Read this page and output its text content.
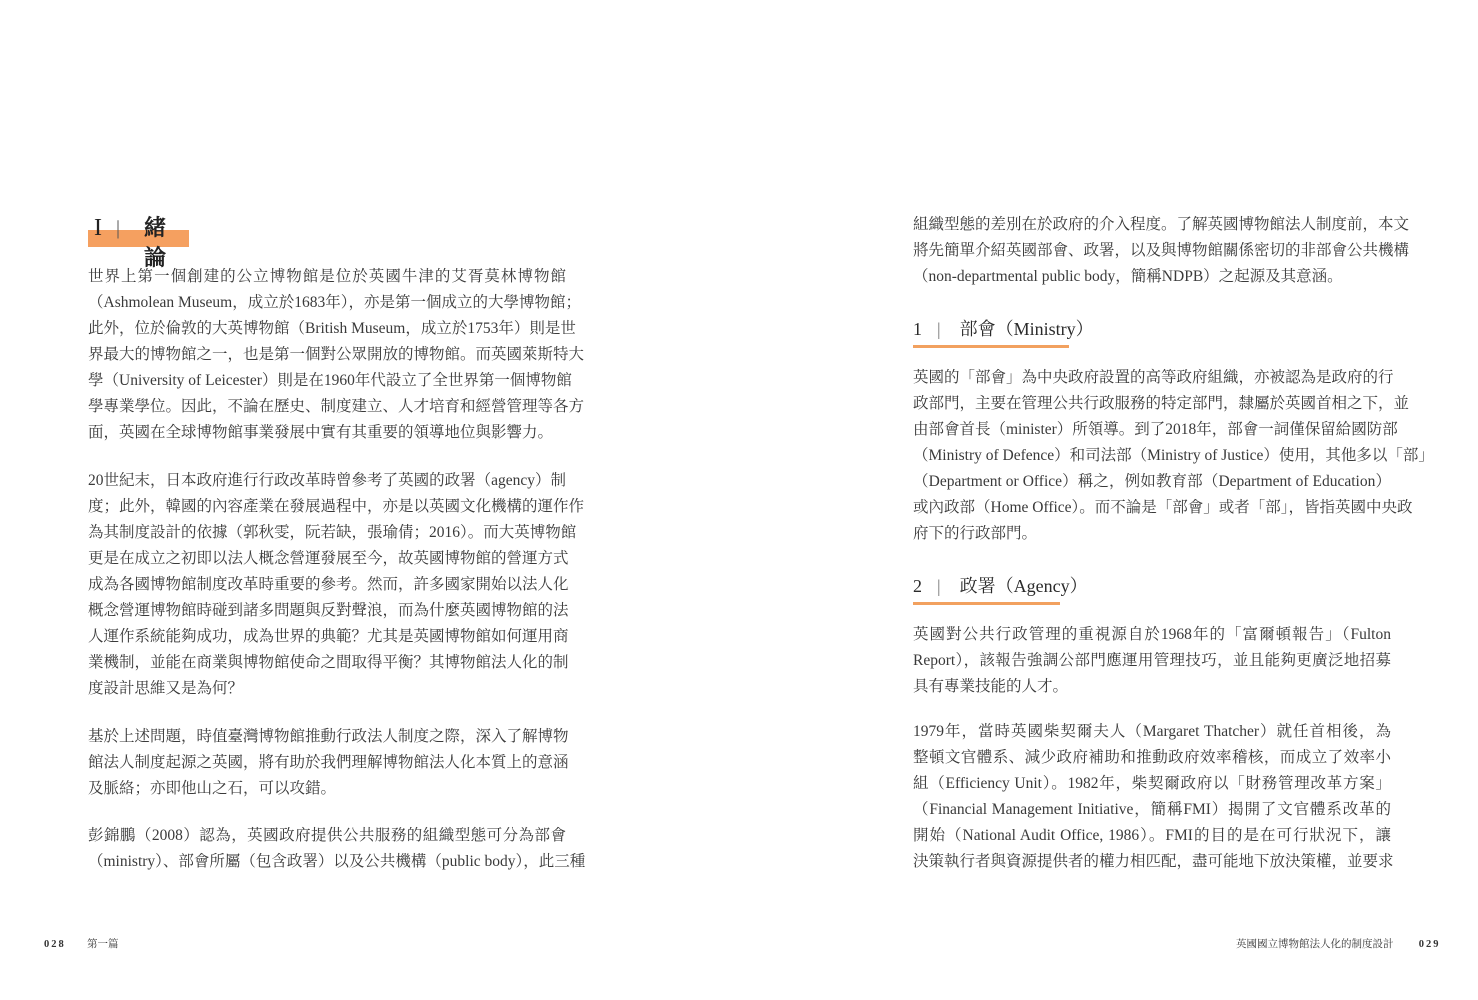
I | 緒論
世界上第一個創建的公立博物館是位於英國牛津的艾胥莫林博物館
（Ashmolean Museum，成立於1683年），亦是第一個成立的大學博物館；
此外，位於倫敦的大英博物館（British Museum，成立於1753年）則是世
界最大的博物館之一，也是第一個對公眾開放的博物館。而英國萊斯特大
學（University of Leicester）則是在1960年代設立了全世界第一個博物館
學專業學位。因此，不論在歷史、制度建立、人才培育和經營管理等各方
面，英國在全球博物館事業發展中實有其重要的領導地位與影響力。
20世紀末，日本政府進行行政改革時曾參考了英國的政署（agency）制
度；此外，韓國的內容產業在發展過程中，亦是以英國文化機構的運作作
為其制度設計的依據（郭秋雯，阮若缺，張瑜倩；2016）。而大英博物館
更是在成立之初即以法人概念營運發展至今，故英國博物館的營運方式
成為各國博物館制度改革時重要的參考。然而，許多國家開始以法人化
概念營運博物館時碰到諸多問題與反對聲浪，而為什麼英國博物館的法
人運作系統能夠成功，成為世界的典範？尤其是英國博物館如何運用商
業機制，並能在商業與博物館使命之間取得平衡？其博物館法人化的制
度設計思維又是為何？
基於上述問題，時值臺灣博物館推動行政法人制度之際，深入了解博物
館法人制度起源之英國，將有助於我們理解博物館法人化本質上的意涵
及脈絡；亦即他山之石，可以攻錯。
彭錦鵬（2008）認為，英國政府提供公共服務的組織型態可分為部會
（ministry）、部會所屬（包含政署）以及公共機構（public body），此三種
028 第一篇
組織型態的差別在於政府的介入程度。了解英國博物館法人制度前，本文
將先簡單介紹英國部會、政署，以及與博物館關係密切的非部會公共機構
（non-departmental public body，簡稱NDPB）之起源及其意涵。
1 | 部會（Ministry）
英國的「部會」為中央政府設置的高等政府組織，亦被認為是政府的行
政部門，主要在管理公共行政服務的特定部門，隸屬於英國首相之下，並
由部會首長（minister）所領導。到了2018年，部會一詞僅保留給國防部
（Ministry of Defence）和司法部（Ministry of Justice）使用，其他多以「部」
（Department or Office）稱之，例如教育部（Department of Education）
或內政部（Home Office）。而不論是「部會」或者「部」，皆指英國中央政
府下的行政部門。
2 | 政署（Agency）
英國對公共行政管理的重視源自於1968年的「富爾頓報告」（Fulton
Report），該報告強調公部門應運用管理技巧，並且能夠更廣泛地招募
具有專業技能的人才。
1979年，當時英國柴契爾夫人（Margaret Thatcher）就任首相後，為
整頓文官體系、減少政府補助和推動政府效率稽核，而成立了效率小
組（Efficiency Unit）。1982年，柴契爾政府以「財務管理改革方案」
（Financial Management Initiative，簡稱FMI）揭開了文官體系改革的
開始（National Audit Office, 1986）。FMI的目的是在可行狀況下，讓
決策執行者與資源提供者的權力相匹配，盡可能地下放決策權，並要求
英國國立博物館法人化的制度設計 029
